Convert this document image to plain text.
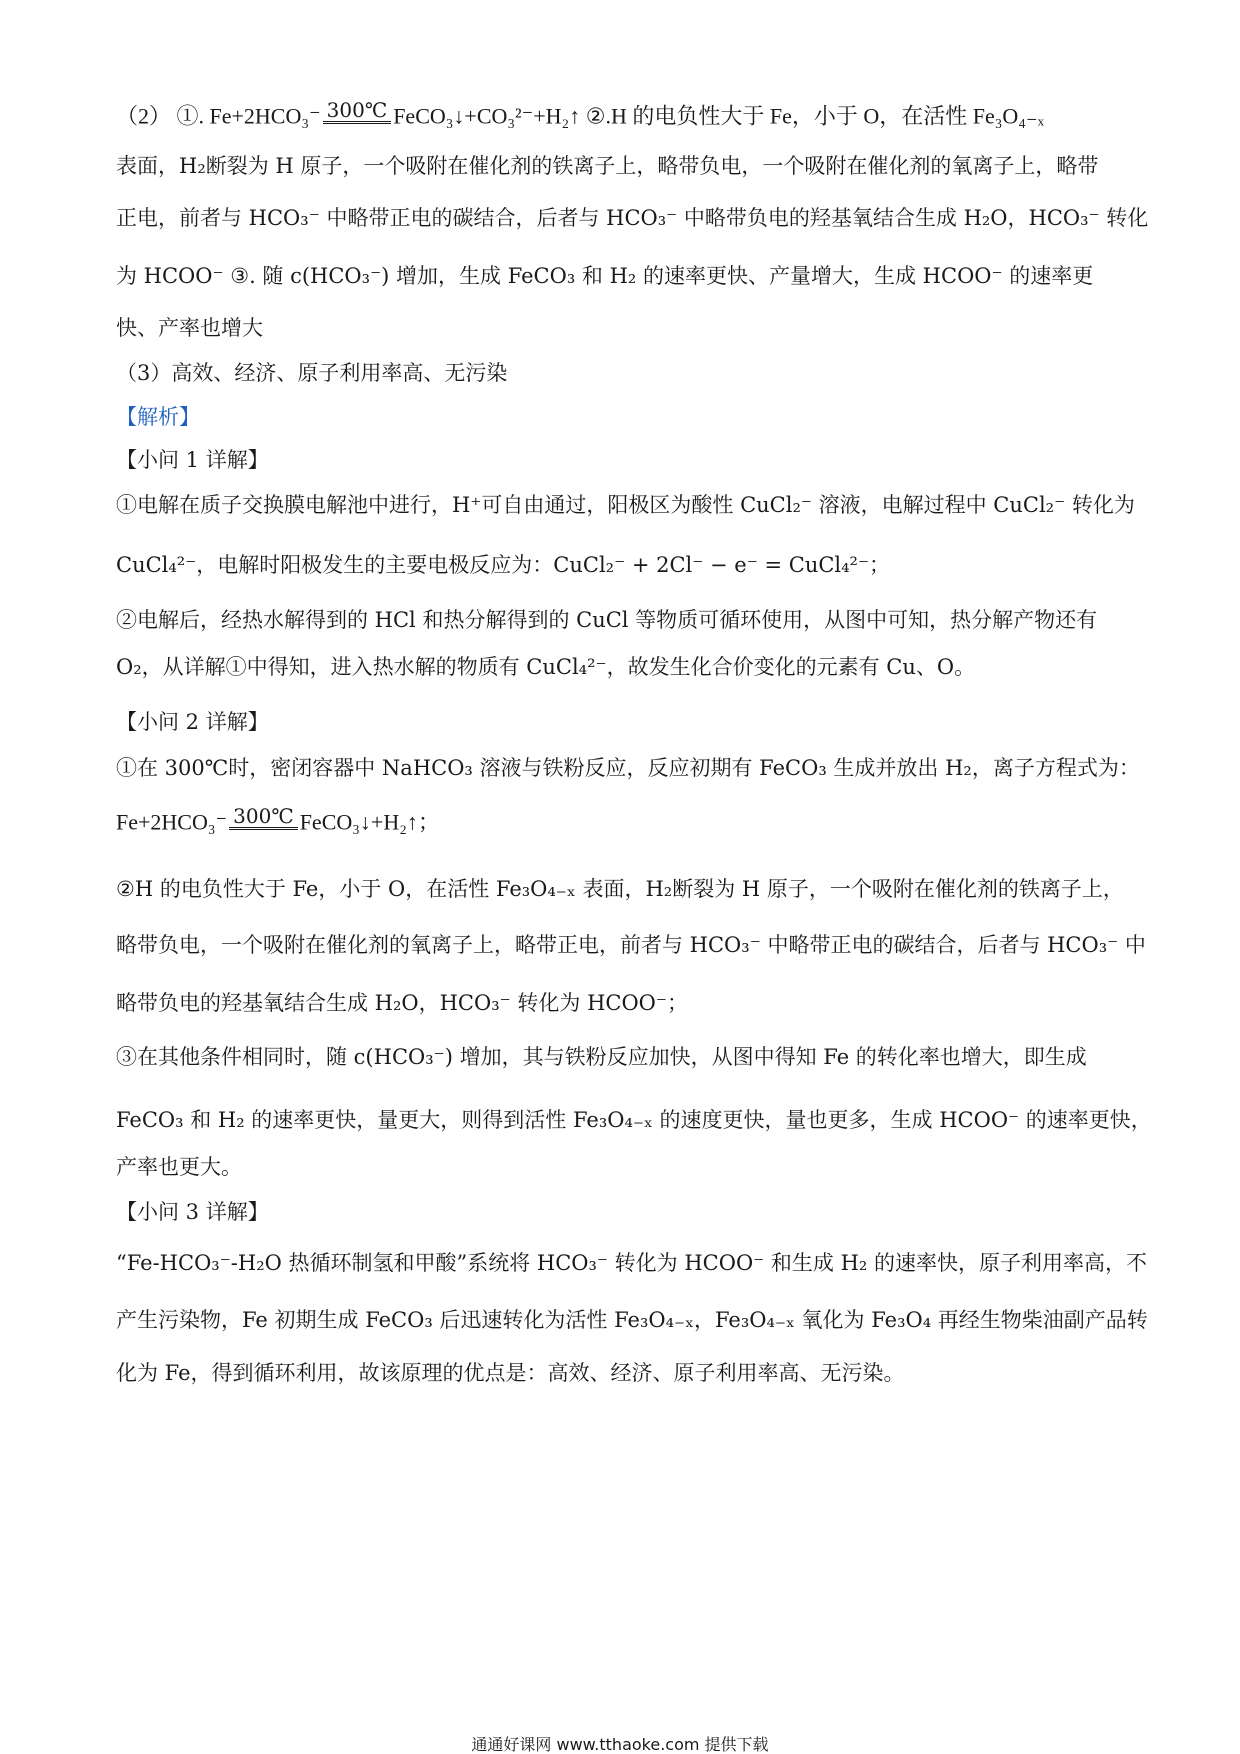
（2） ①. Fe+2HCO₃⁻ 300℃ FeCO₃↓+CO₃²⁻+H₂↑ ②.H 的电负性大于 Fe，小于 O，在活性 Fe₃O₄₋ₓ
表面，H₂断裂为 H 原子，一个吸附在催化剂的铁离子上，略带负电，一个吸附在催化剂的氧离子上，略带
正电，前者与 HCO₃⁻ 中略带正电的碳结合，后者与 HCO₃⁻ 中略带负电的羟基氧结合生成 H₂O，HCO₃⁻ 转化
为 HCOO⁻ ③. 随 c(HCO₃⁻) 增加，生成 FeCO₃ 和 H₂ 的速率更快、产量增大，生成 HCOO⁻ 的速率更
快、产率也增大
（3）高效、经济、原子利用率高、无污染
【解析】
【小问 1 详解】
①电解在质子交换膜电解池中进行，H⁺可自由通过，阳极区为酸性 CuCl₂⁻ 溶液，电解过程中 CuCl₂⁻ 转化为
CuCl₄²⁻，电解时阳极发生的主要电极反应为：CuCl₂⁻ + 2Cl⁻ − e⁻ = CuCl₄²⁻；
②电解后，经热水解得到的 HCl 和热分解得到的 CuCl 等物质可循环使用，从图中可知，热分解产物还有
O₂，从详解①中得知，进入热水解的物质有 CuCl₄²⁻，故发生化合价变化的元素有 Cu、O。
【小问 2 详解】
①在 300℃时，密闭容器中 NaHCO₃ 溶液与铁粉反应，反应初期有 FeCO₃ 生成并放出 H₂，离子方程式为：
Fe+2HCO₃⁻ 300℃ FeCO₃↓+H₂↑；
②H 的电负性大于 Fe，小于 O，在活性 Fe₃O₄₋ₓ 表面，H₂断裂为 H 原子，一个吸附在催化剂的铁离子上，
略带负电，一个吸附在催化剂的氧离子上，略带正电，前者与 HCO₃⁻ 中略带正电的碳结合，后者与 HCO₃⁻ 中
略带负电的羟基氧结合生成 H₂O，HCO₃⁻ 转化为 HCOO⁻；
③在其他条件相同时，随 c(HCO₃⁻) 增加，其与铁粉反应加快，从图中得知 Fe 的转化率也增大，即生成
FeCO₃ 和 H₂ 的速率更快，量更大，则得到活性 Fe₃O₄₋ₓ 的速度更快，量也更多，生成 HCOO⁻ 的速率更快，
产率也更大。
【小问 3 详解】
“Fe-HCO₃⁻-H₂O 热循环制氢和甲酸”系统将 HCO₃⁻ 转化为 HCOO⁻ 和生成 H₂ 的速率快，原子利用率高，不
产生污染物，Fe 初期生成 FeCO₃ 后迅速转化为活性 Fe₃O₄₋ₓ，Fe₃O₄₋ₓ 氧化为 Fe₃O₄ 再经生物柴油副产品转
化为 Fe，得到循环利用，故该原理的优点是：高效、经济、原子利用率高、无污染。
通通好课网 www.tthaoke.com 提供下载
